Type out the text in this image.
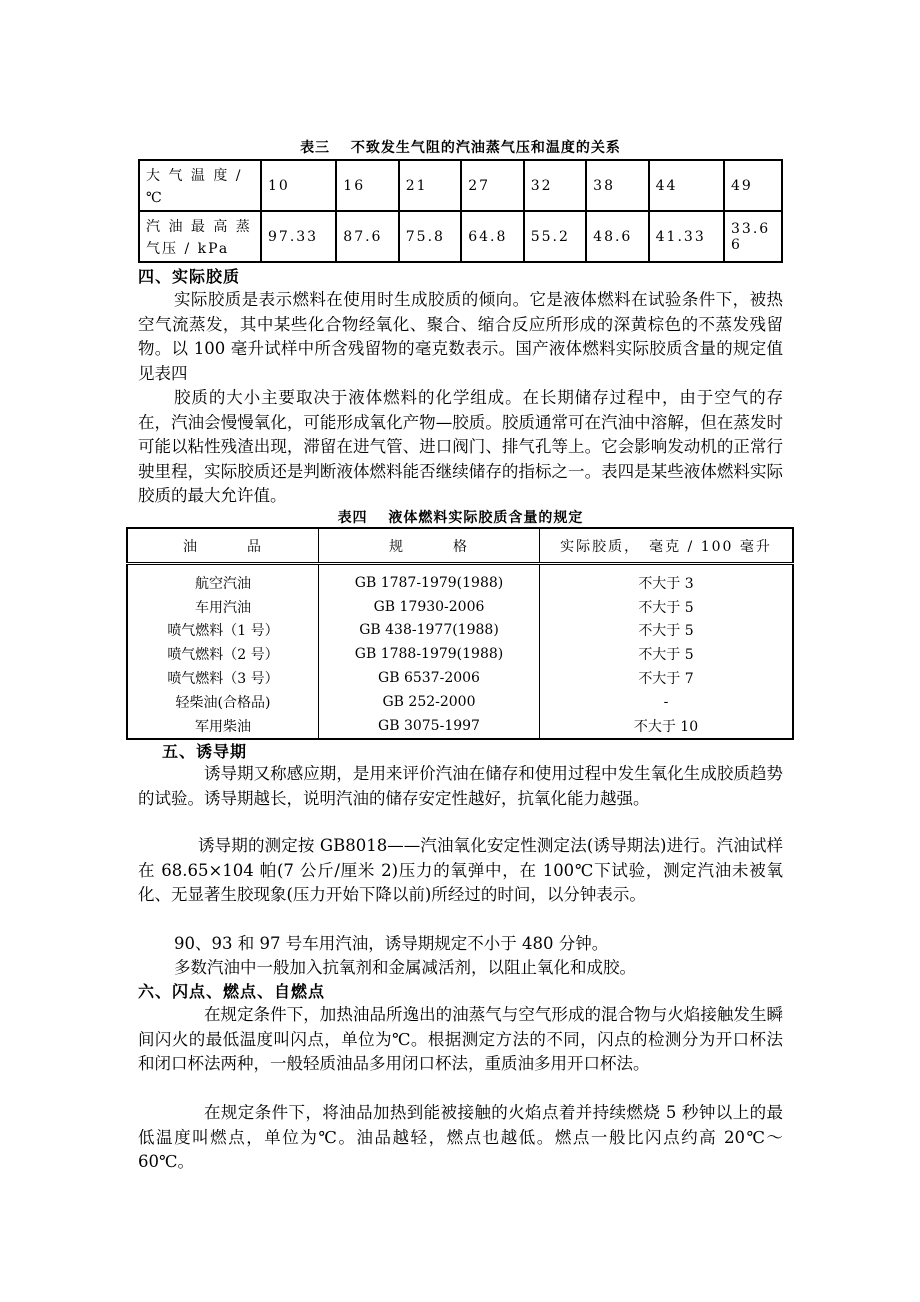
表三　 不致发生气阻的汽油蒸气压和温度的关系
大 气 温 度 / ℃	10	16	21	27	32	38	44	49
汽 油 最 高 蒸 气压 / kPa	97.33	87.6	75.8	64.8	55.2	48.6	41.33	33.66
四、实际胶质

实际胶质是表示燃料在使用时生成胶质的倾向。它是液体燃料在试验条件下，被热空气流蒸发，其中某些化合物经氧化、聚合、缩合反应所形成的深黄棕色的不蒸发残留物。以 100 毫升试样中所含残留物的毫克数表示。国产液体燃料实际胶质含量的规定值见表四

胶质的大小主要取决于液体燃料的化学组成。在长期储存过程中，由于空气的存在，汽油会慢慢氧化，可能形成氧化产物—胶质。胶质通常可在汽油中溶解，但在蒸发时可能以粘性残渣出现，滞留在进气管、进口阀门、排气孔等上。它会影响发动机的正常行驶里程，实际胶质还是判断液体燃料能否继续储存的指标之一。表四是某些液体燃料实际胶质的最大允许值。

表四　 液体燃料实际胶质含量的规定
油　　　品	规　　　格	实际胶质，　毫克 / 100 毫升
航空汽油	GB 1787-1979(1988)	不大于 3
车用汽油	GB 17930-2006	不大于 5
喷气燃料（1 号）	GB 438-1977(1988)	不大于 5
喷气燃料（2 号）	GB 1788-1979(1988)	不大于 5
喷气燃料（3 号）	GB 6537-2006	不大于 7
轻柴油(合格品)	GB 252-2000	-
军用柴油	GB 3075-1997	不大于 10
五、诱导期

诱导期又称感应期，是用来评价汽油在储存和使用过程中发生氧化生成胶质趋势的试验。诱导期越长，说明汽油的储存安定性越好，抗氧化能力越强。

诱导期的测定按 GB8018——汽油氧化安定性测定法(诱导期法)进行。汽油试样在 68.65×104 帕(7 公斤/厘米 2)压力的氧弹中，在 100℃下试验，测定汽油未被氧化、无显著生胶现象(压力开始下降以前)所经过的时间，以分钟表示。

90、93 和 97 号车用汽油，诱导期规定不小于 480 分钟。

多数汽油中一般加入抗氧剂和金属减活剂，以阻止氧化和成胶。

六、闪点、燃点、自燃点

在规定条件下，加热油品所逸出的油蒸气与空气形成的混合物与火焰接触发生瞬间闪火的最低温度叫闪点，单位为℃。根据测定方法的不同，闪点的检测分为开口杯法和闭口杯法两种，一般轻质油品多用闭口杯法，重质油多用开口杯法。

在规定条件下，将油品加热到能被接触的火焰点着并持续燃烧 5 秒钟以上的最低温度叫燃点，单位为℃。油品越轻，燃点也越低。燃点一般比闪点约高 20℃～60℃。
